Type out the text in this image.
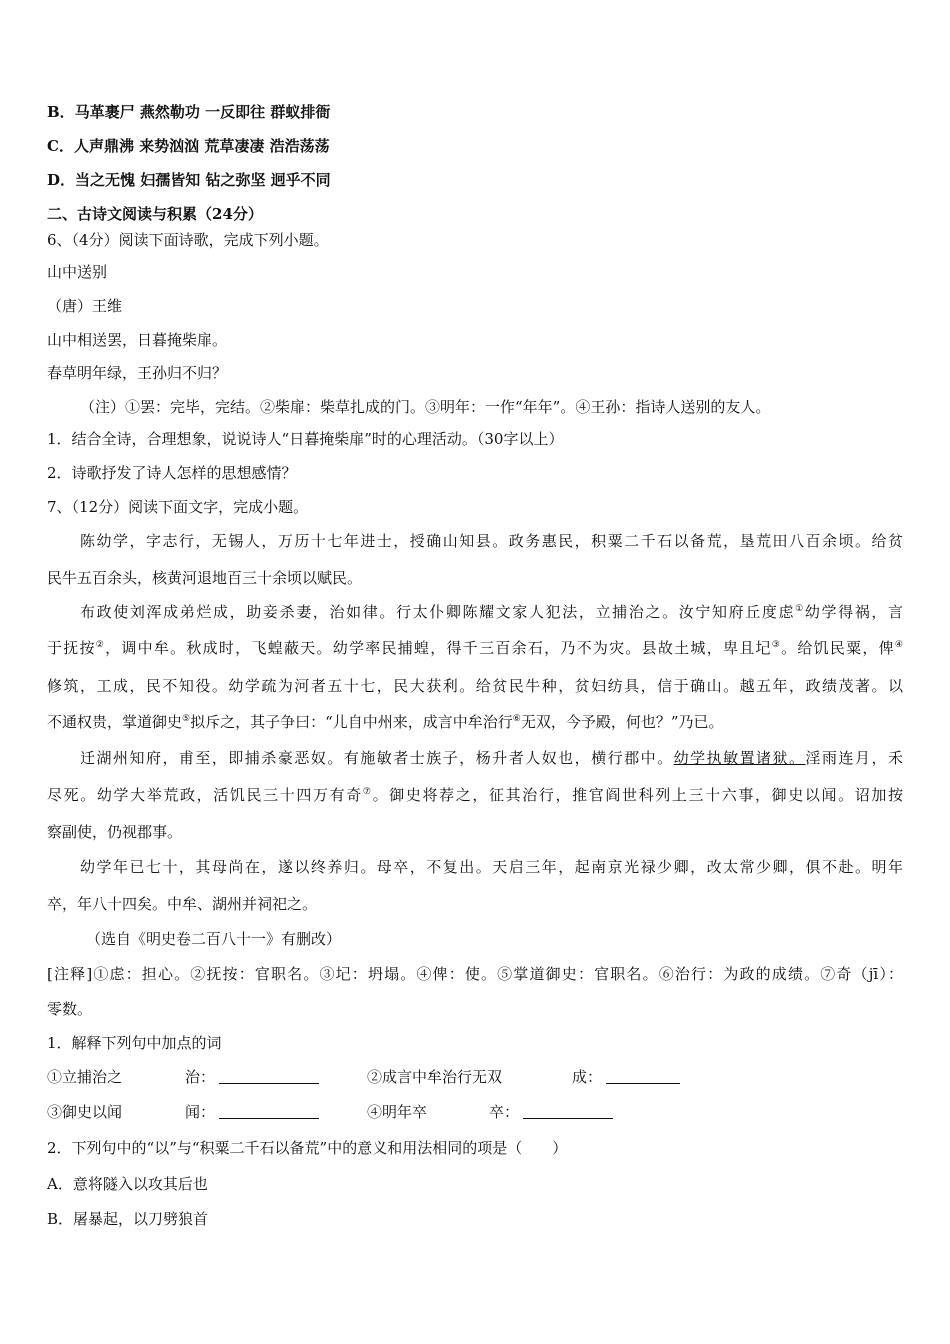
B．马革裹尸 燕然勒功 一反即往 群蚁排衙
C．人声鼎沸 来势汹汹 荒草凄凄 浩浩荡荡
D．当之无愧 妇孺皆知 钻之弥坚 迥乎不同
二、古诗文阅读与积累（24分）
6、（4分）阅读下面诗歌，完成下列小题。
山中送别
（唐）王维
山中相送罢，日暮掩柴扉。
春草明年绿，王孙归不归？
（注）①罢：完毕，完结。②柴扉：柴草扎成的门。③明年：一作“年年”。④王孙：指诗人送别的友人。
1．结合全诗，合理想象，说说诗人“日暮掩柴扉”时的心理活动。（30字以上）
2．诗歌抒发了诗人怎样的思想感情？
7、（12分）阅读下面文字，完成小题。
陈幼学，字志行，无锡人，万历十七年进士，授确山知县。政务惠民，积粟二千石以备荒，垦荒田八百余顷。给贫
民牛五百余头，核黄河退地百三十余顷以赋民。
布政使刘浑成弟烂成，助妾杀妻，治如律。行太仆卿陈耀文家人犯法，立捕治之。汝宁知府丘度虑①幼学得祸，言
于抚按②，调中牟。秋成时，飞蝗蔽天。幼学率民捕蝗，得千三百余石，乃不为灾。县故土城，卑且圮③。给饥民粟，俾④
修筑，工成，民不知役。幼学疏为河者五十七，民大获利。给贫民牛种，贫妇纺具，信于确山。越五年，政绩茂著。以
不通权贵，掌道御史⑤拟斥之，其子争曰：“儿自中州来，成言中牟治行⑥无双，今予殿，何也？”乃已。
迁湖州知府，甫至，即捕杀豪恶奴。有施敏者士族子，杨升者人奴也，横行郡中。幼学执敏置诸狱。淫雨连月，禾
尽死。幼学大举荒政，活饥民三十四万有奇⑦。御史将荐之，征其治行，推官阎世科列上三十六事，御史以闻。诏加按
察副使，仍视郡事。
幼学年已七十，其母尚在，遂以终养归。母卒，不复出。天启三年，起南京光禄少卿，改太常少卿，俱不赴。明年
卒，年八十四矣。中牟、湖州并祠祀之。
（选自《明史卷二百八十一》有删改）
[注释]①虑：担心。②抚按：官职名。③圮：坍塌。④俾：使。⑤掌道御史：官职名。⑥治行：为政的成绩。⑦奇（jī）：
零数。
1．解释下列句中加点的词
①立捕治之	治：	②成言中牟治行无双	成：
③御史以闻	闻：	④明年卒	卒：
2．下列句中的“以”与“积粟二千石以备荒”中的意义和用法相同的项是（　　）
A．意将隧入以攻其后也
B．屠暴起，以刀劈狼首
